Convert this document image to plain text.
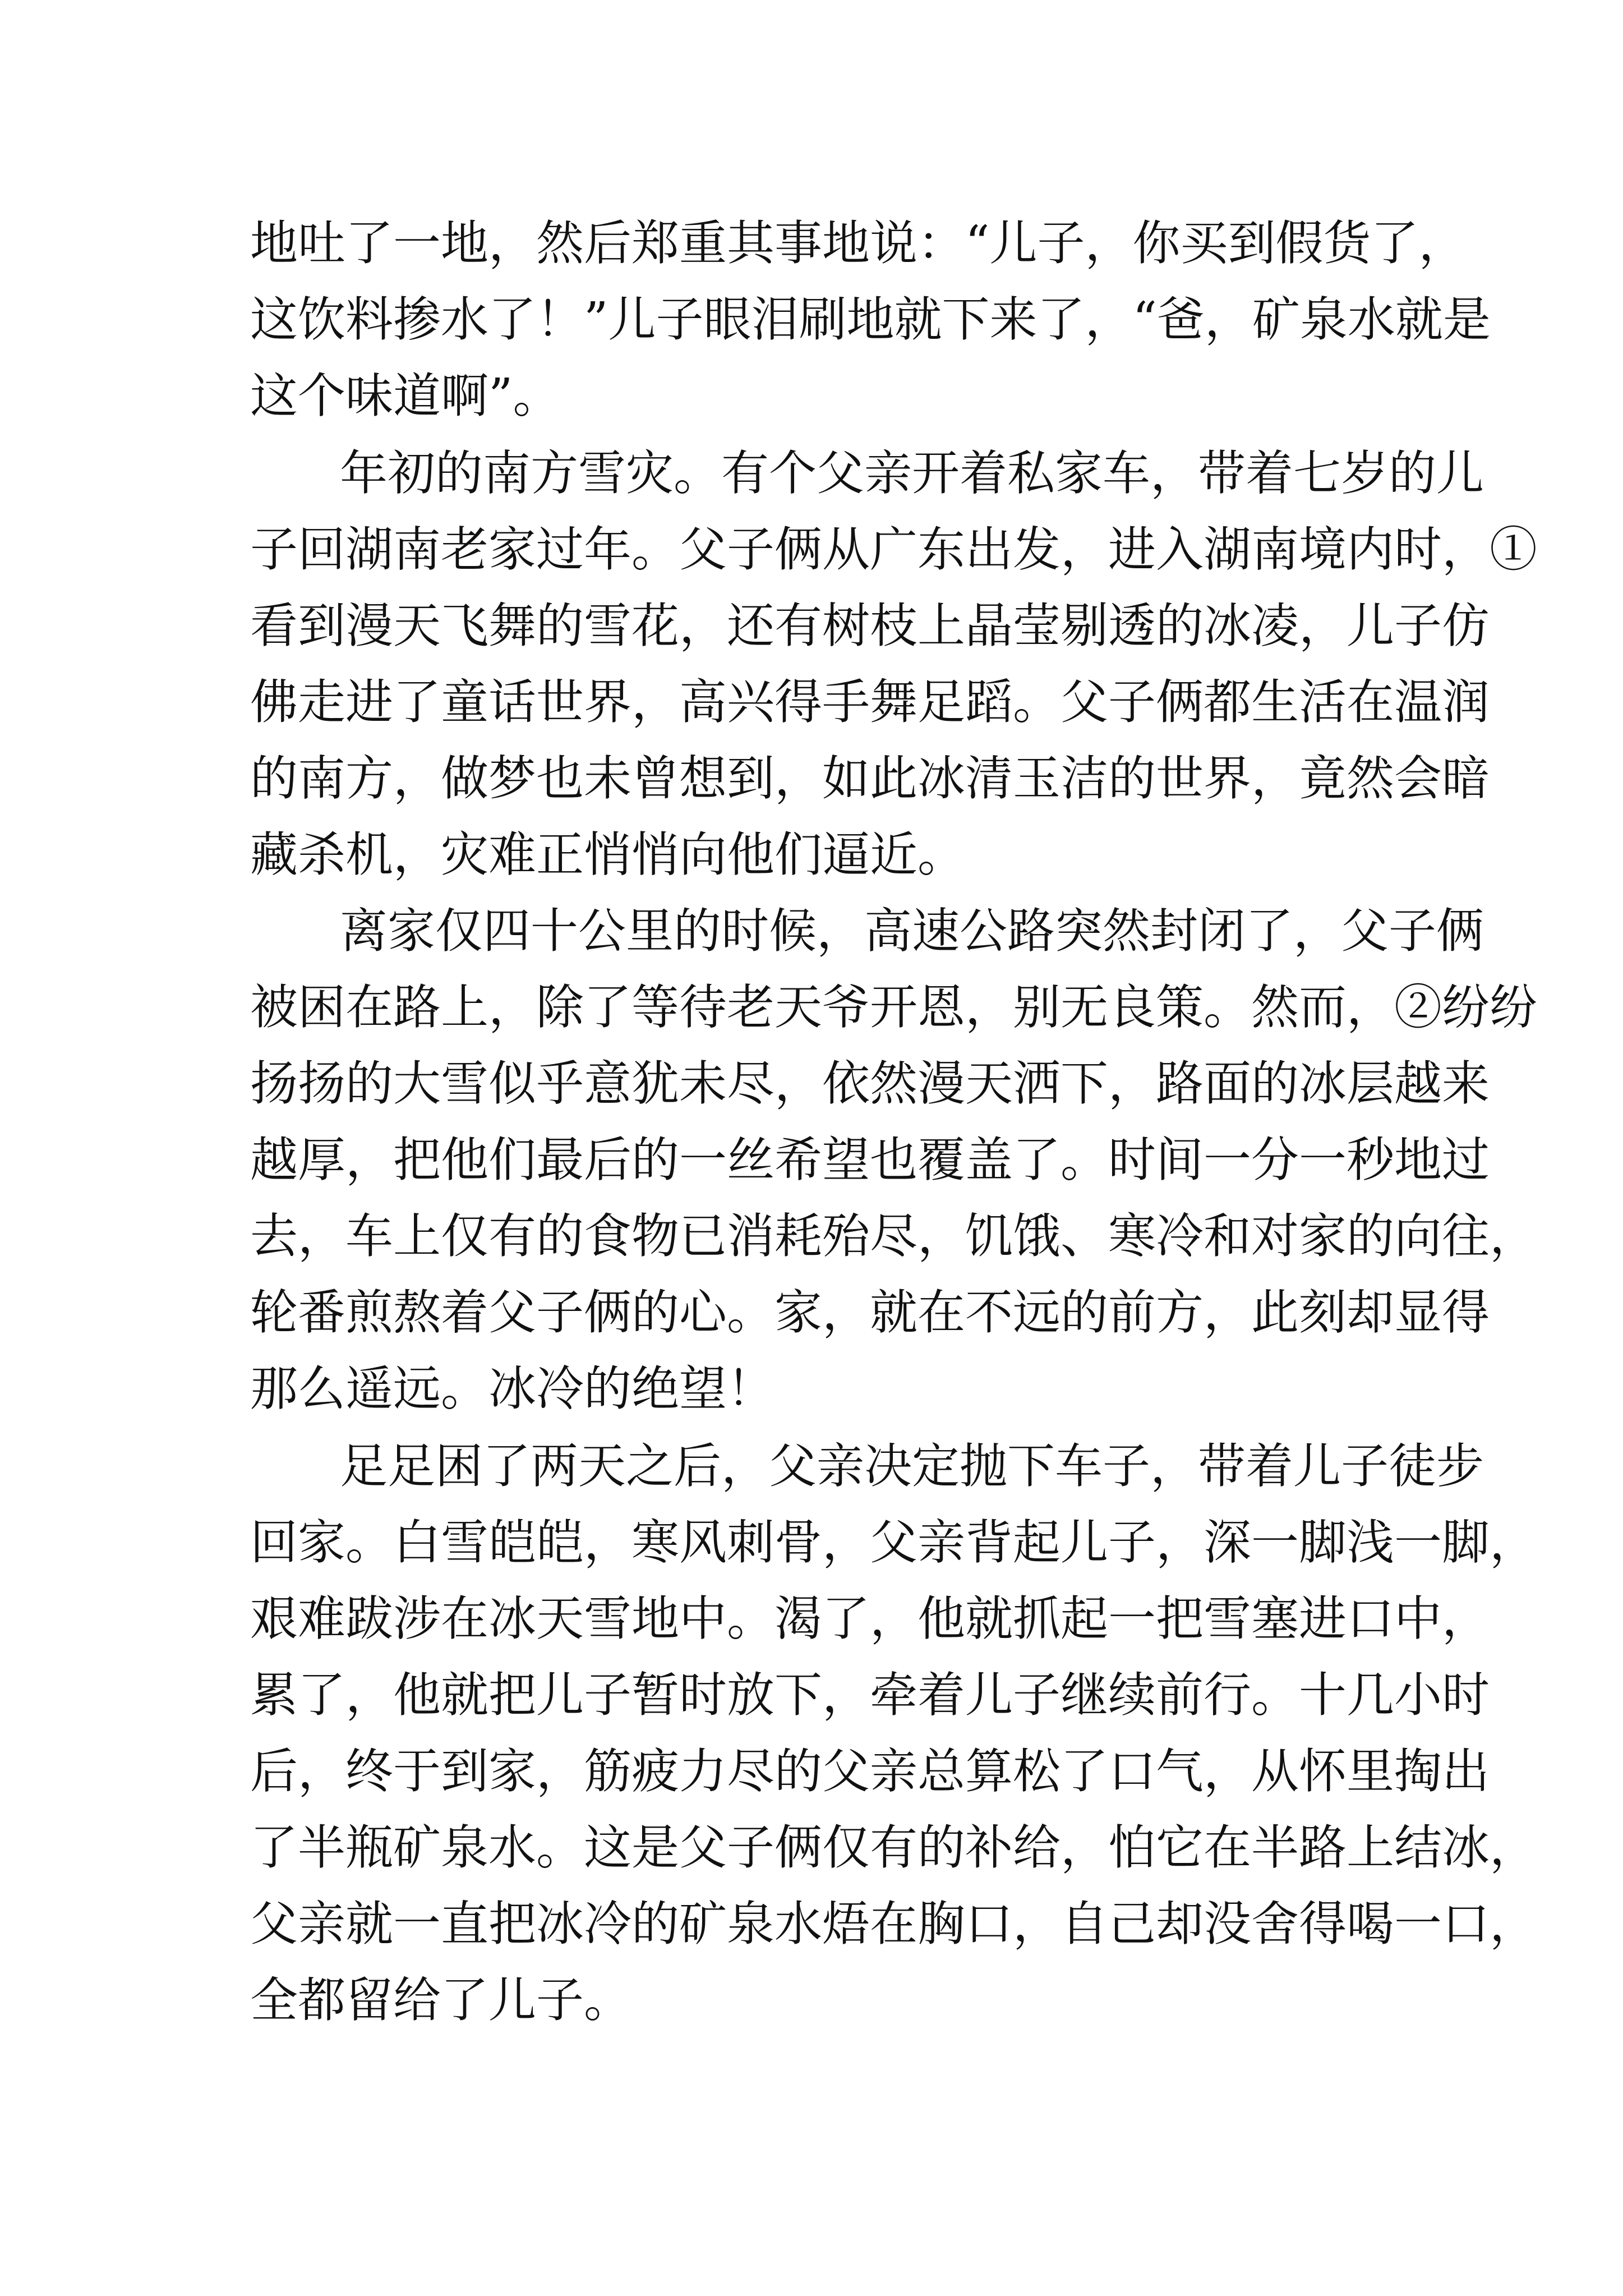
地吐了一地，然后郑重其事地说：“儿子，你买到假货了，
这饮料掺水了！”儿子眼泪刷地就下来了，“爸，矿泉水就是
这个味道啊”。
年初的南方雪灾。有个父亲开着私家车，带着七岁的儿
子回湖南老家过年。父子俩从广东出发，进入湖南境内时，①
看到漫天飞舞的雪花，还有树枝上晶莹剔透的冰凌，儿子仿
佛走进了童话世界，高兴得手舞足蹈。父子俩都生活在温润
的南方，做梦也未曾想到，如此冰清玉洁的世界，竟然会暗
藏杀机，灾难正悄悄向他们逼近。
离家仅四十公里的时候，高速公路突然封闭了，父子俩
被困在路上，除了等待老天爷开恩，别无良策。然而，②纷纷
扬扬的大雪似乎意犹未尽，依然漫天洒下，路面的冰层越来
越厚，把他们最后的一丝希望也覆盖了。时间一分一秒地过
去，车上仅有的食物已消耗殆尽，饥饿、寒冷和对家的向往，
轮番煎熬着父子俩的心。家，就在不远的前方，此刻却显得
那么遥远。冰冷的绝望！
足足困了两天之后，父亲决定抛下车子，带着儿子徒步
回家。白雪皑皑，寒风刺骨，父亲背起儿子，深一脚浅一脚，
艰难跋涉在冰天雪地中。渴了，他就抓起一把雪塞进口中，
累了，他就把儿子暂时放下，牵着儿子继续前行。十几小时
后，终于到家，筋疲力尽的父亲总算松了口气，从怀里掏出
了半瓶矿泉水。这是父子俩仅有的补给，怕它在半路上结冰，
父亲就一直把冰冷的矿泉水焐在胸口，自己却没舍得喝一口，
全都留给了儿子。
